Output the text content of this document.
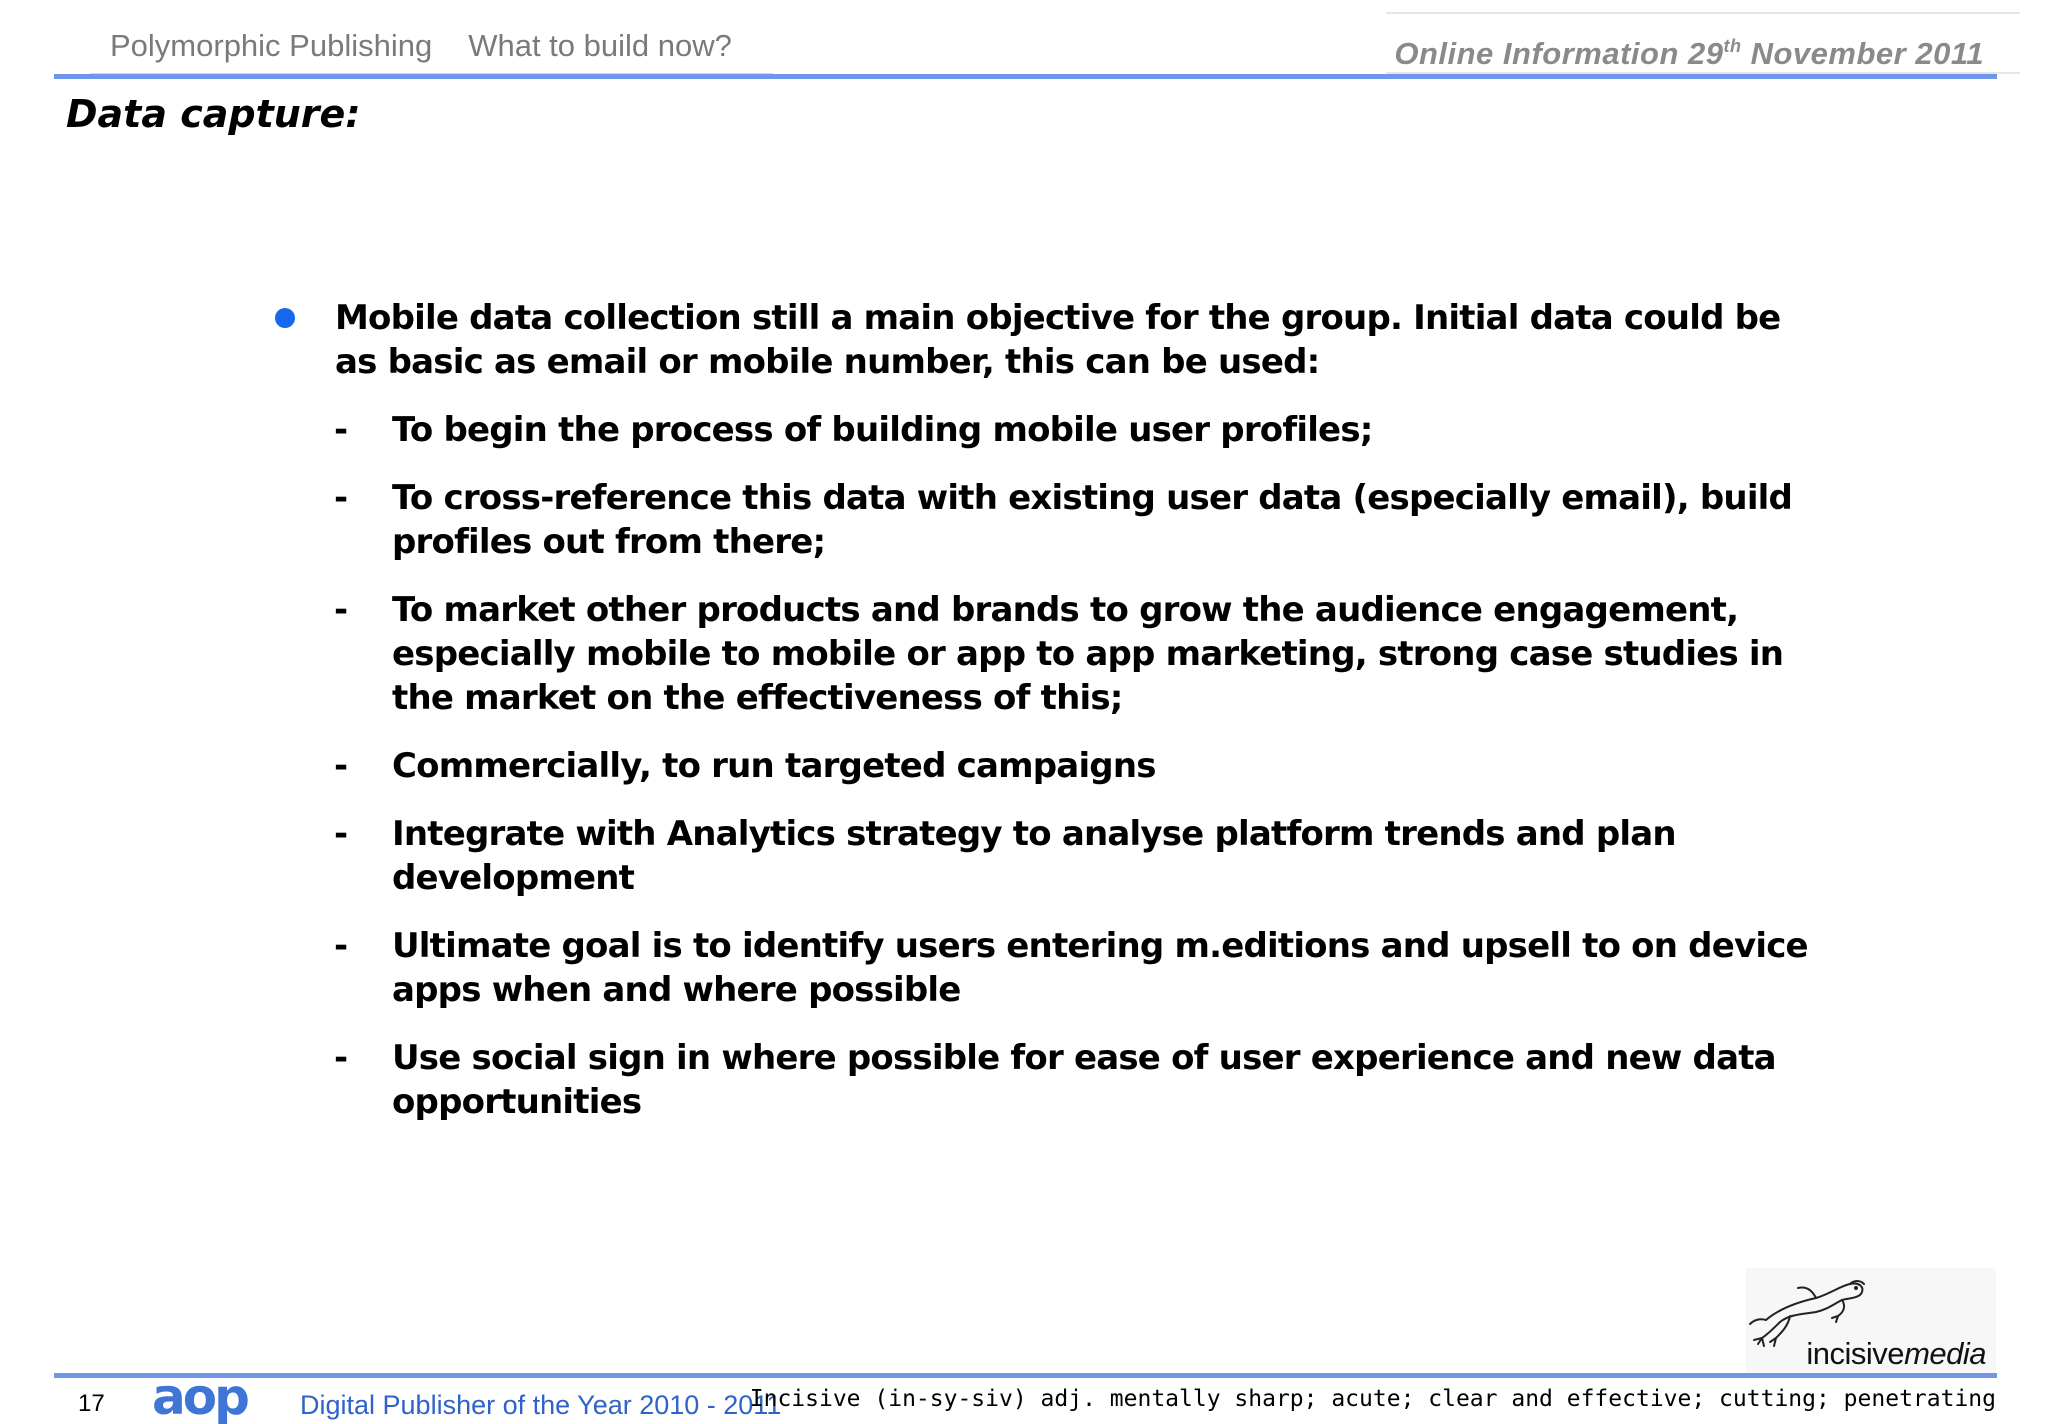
Polymorphic Publishing What to build now?	Online Information 29th November 2011
Data capture:
Mobile data collection still a main objective for the group. Initial data could be as basic as email or mobile number, this can be used:
- To begin the process of building mobile user profiles;
- To cross-reference this data with existing user data (especially email), build profiles out from there;
- To market other products and brands to grow the audience engagement, especially mobile to mobile or app to app marketing, strong case studies in the market on the effectiveness of this;
- Commercially, to run targeted campaigns
- Integrate with Analytics strategy to analyse platform trends and plan development
- Ultimate goal is to identify users entering m.editions and upsell to on device apps when and where possible
- Use social sign in where possible for ease of user experience and new data opportunities
incisivemedia
17 aop Digital Publisher of the Year 2010 - 2011
Incisive (in-sy-siv) adj. mentally sharp; acute; clear and effective; cutting; penetrating
